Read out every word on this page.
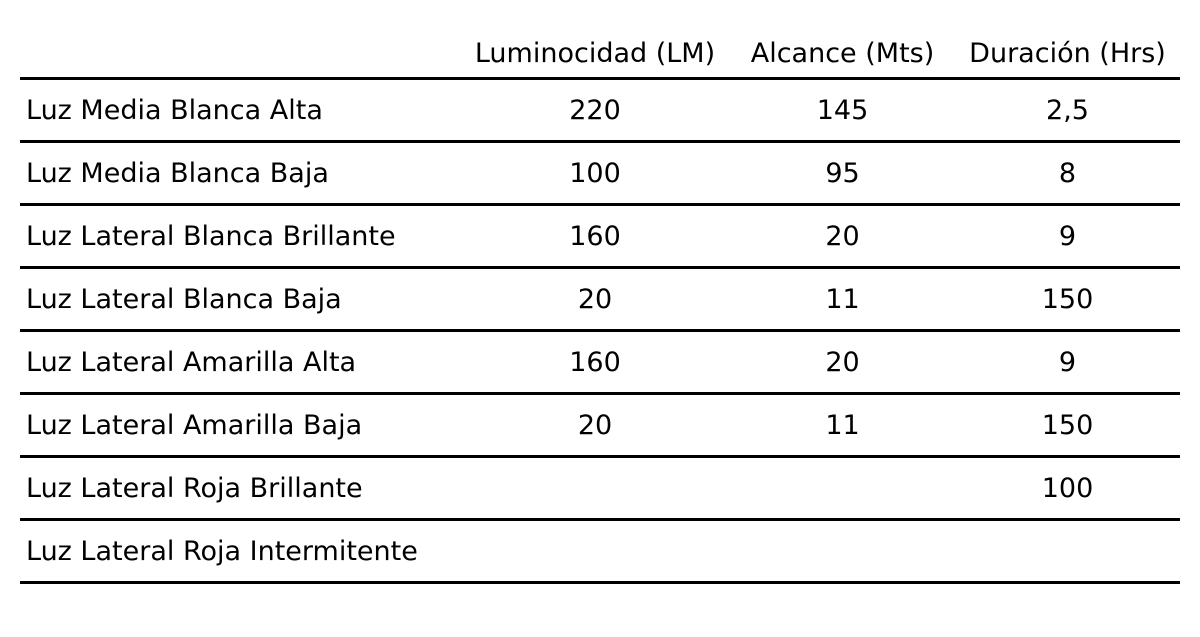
	Luminocidad (LM)	Alcance (Mts)	Duración (Hrs)
Luz Media Blanca Alta	220	145	2,5
Luz Media Blanca Baja	100	95	8
Luz Lateral Blanca Brillante	160	20	9
Luz Lateral Blanca Baja	20	11	150
Luz Lateral Amarilla Alta	160	20	9
Luz Lateral Amarilla Baja	20	11	150
Luz Lateral Roja Brillante			100
Luz Lateral Roja Intermitente			
